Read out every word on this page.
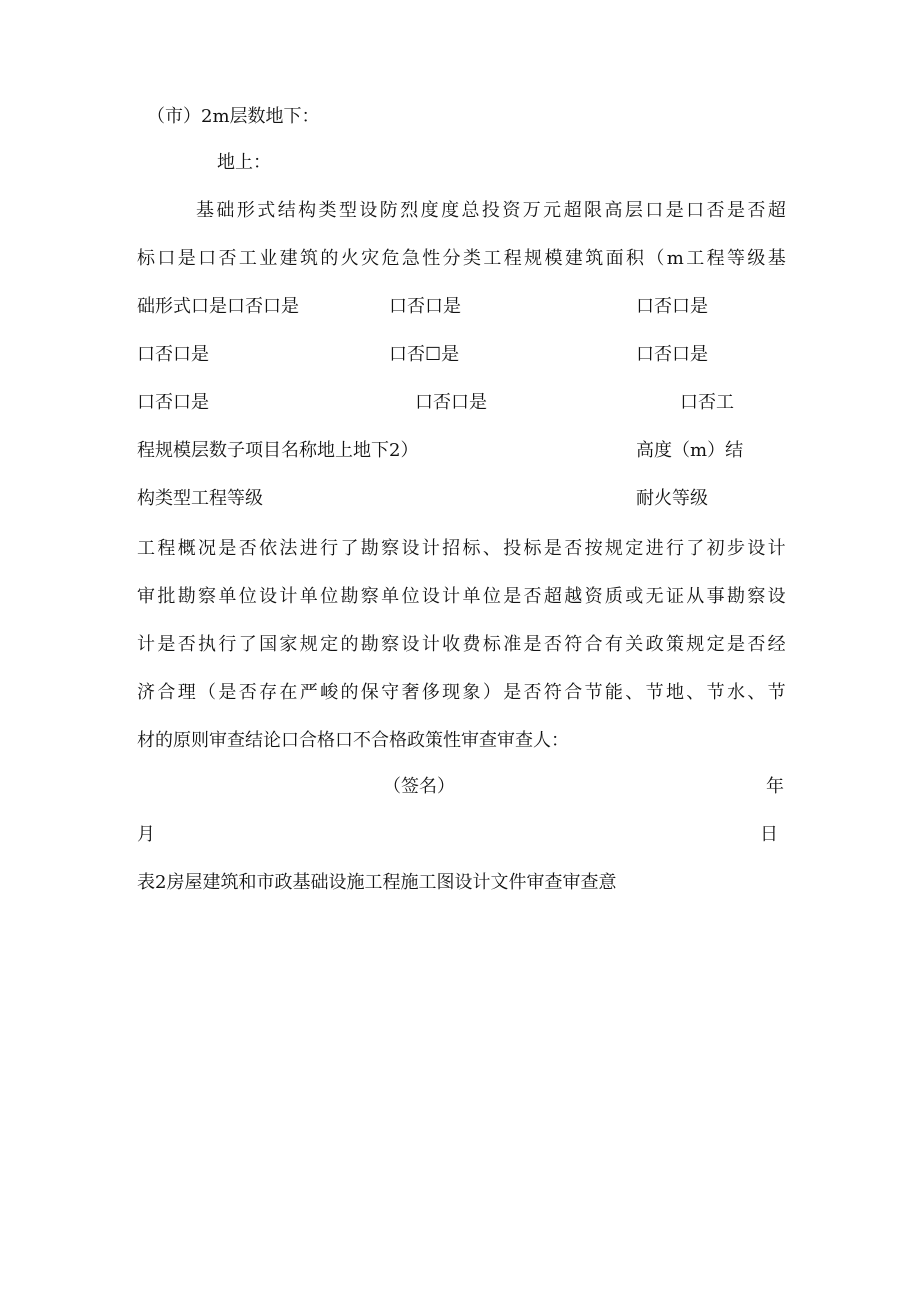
（市）2m层数地下：
地上：
基 础 形 式 结 构 类 型 设 防 烈 度 度 总 投 资 万 元 超 限 高 层 口 是 口 否 是 否 超
标 口 是 口 否 工 业 建 筑 的 火 灾 危 急 性 分 类 工 程 规 模 建 筑 面 积 （ m 工 程 等 级 基
础形式口是口否口是	口否口是	口否口是
口否口是	口否☐是	口否口是
口否口是	口否口是	口否工
程规模层数子项目名称地上地下2）	高度（m）结
构类型工程等级	耐火等级
工 程 概 况 是 否 依 法 进 行 了 勘 察 设 计 招 标 、 投 标 是 否 按 规 定 进 行 了 初 步 设 计
审 批 勘 察 单 位 设 计 单 位 勘 察 单 位 设 计 单 位 是 否 超 越 资 质 或 无 证 从 事 勘 察 设
计 是 否 执 行 了 国 家 规 定 的 勘 察 设 计 收 费 标 准 是 否 符 合 有 关 政 策 规 定 是 否 经
济 合 理 （ 是 否 存 在 严 峻 的 保 守 奢 侈 现 象 ） 是 否 符 合 节 能 、 节 地 、 节 水 、 节
材的原则审查结论口合格口不合格政策性审查审查人：
（签名）	年
月	日
表2房屋建筑和市政基础设施工程施工图设计文件审查审查意
